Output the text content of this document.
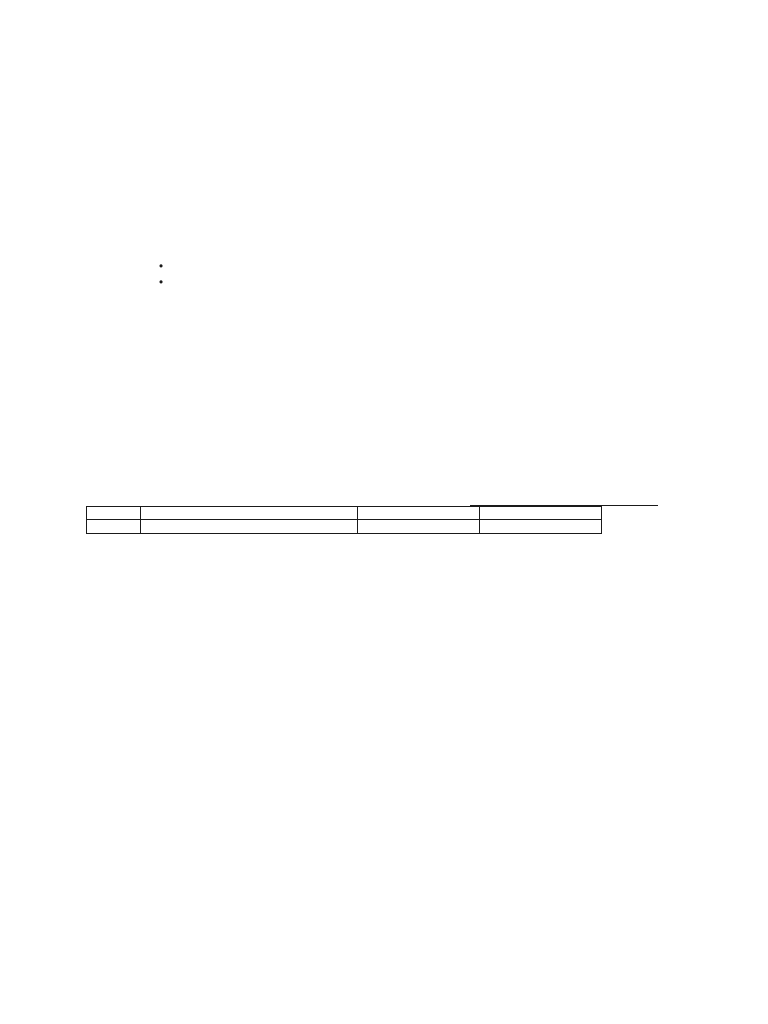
•
•
